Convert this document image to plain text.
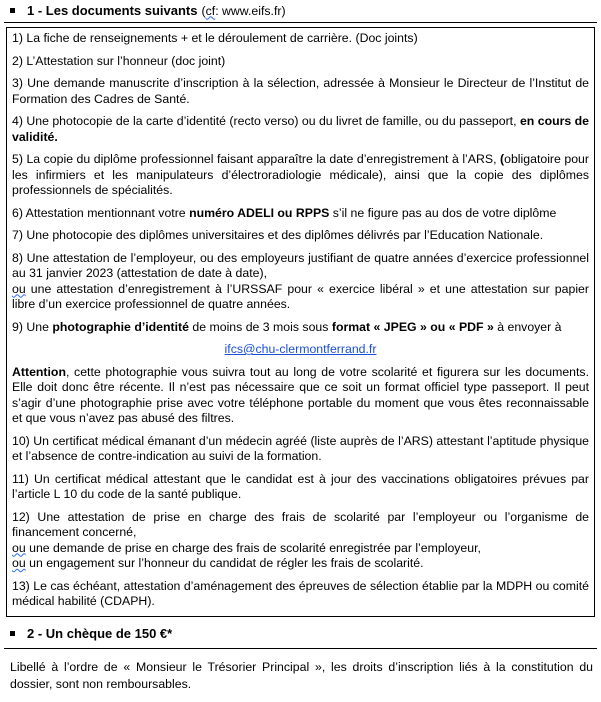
1 - Les documents suivants (cf: www.eifs.fr)
1) La fiche de renseignements + et le déroulement de carrière. (Doc joints)
2) L’Attestation sur l’honneur (doc joint)
3) Une demande manuscrite d’inscription à la sélection, adressée à Monsieur le Directeur de l’Institut de Formation des Cadres de Santé.
4) Une photocopie de la carte d’identité (recto verso) ou du livret de famille, ou du passeport, en cours de validité.
5) La copie du diplôme professionnel faisant apparaître la date d’enregistrement à l’ARS, (obligatoire pour les infirmiers et les manipulateurs d’électroradiologie médicale), ainsi que la copie des diplômes professionnels de spécialités.
6) Attestation mentionnant votre numéro ADELI ou RPPS s’il ne figure pas au dos de votre diplôme
7) Une photocopie des diplômes universitaires et des diplômes délivrés par l’Education Nationale.
8) Une attestation de l’employeur, ou des employeurs justifiant de quatre années d’exercice professionnel au 31 janvier 2023 (attestation de date à date),
ou une attestation d’enregistrement à l’URSSAF pour « exercice libéral » et une attestation sur papier libre d’un exercice professionnel de quatre années.
9) Une photographie d’identité de moins de 3 mois sous format « JPEG » ou « PDF » à envoyer à
ifcs@chu-clermontferrand.fr
Attention, cette photographie vous suivra tout au long de votre scolarité et figurera sur les documents. Elle doit donc être récente. Il n’est pas nécessaire que ce soit un format officiel type passeport. Il peut s’agir d’une photographie prise avec votre téléphone portable du moment que vous êtes reconnaissable et que vous n’avez pas abusé des filtres.
10) Un certificat médical émanant d’un médecin agréé (liste auprès de l’ARS) attestant l’aptitude physique et l’absence de contre-indication au suivi de la formation.
11) Un certificat médical attestant que le candidat est à jour des vaccinations obligatoires prévues par l’article L 10 du code de la santé publique.
12) Une attestation de prise en charge des frais de scolarité par l’employeur ou l’organisme de financement concerné,
ou une demande de prise en charge des frais de scolarité enregistrée par l’employeur,
ou un engagement sur l’honneur du candidat de régler les frais de scolarité.
13) Le cas échéant, attestation d’aménagement des épreuves de sélection établie par la MDPH ou comité médical habilité (CDAPH).
2 - Un chèque de 150 €*
Libellé à l’ordre de « Monsieur le Trésorier Principal », les droits d’inscription liés à la constitution du dossier, sont non remboursables.
